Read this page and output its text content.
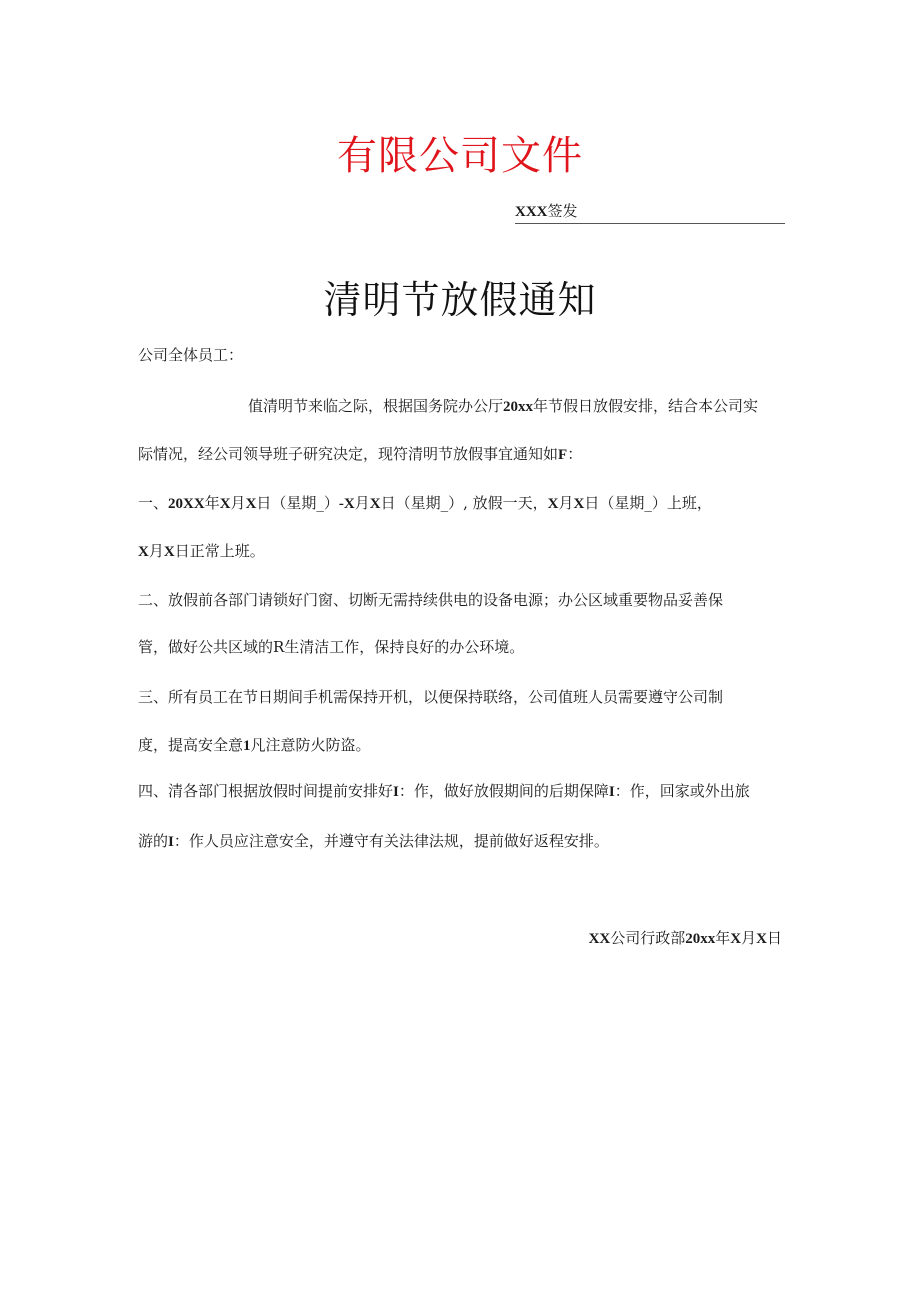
有限公司文件
XXX签发
清明节放假通知
公司全体员工：
值清明节来临之际，根据国务院办公厅20xx年节假日放假安排，结合本公司实
际情况，经公司领导班子研究决定，现符清明节放假事宜通知如F：
一、20XX年X月X日（星期_）-X月X日（星期_）, 放假一天，X月X日（星期_）上班，
X月X日正常上班。
二、放假前各部门请锁好门窗、切断无需持续供电的设备电源；办公区域重要物品妥善保
管，做好公共区域的R生清洁工作，保持良好的办公环境。
三、所有员工在节日期间手机需保持开机，以便保持联络，公司值班人员需要遵守公司制
度，提高安全意1凡注意防火防盗。
四、清各部门根据放假时间提前安排好I：作，做好放假期间的后期保障I：作，回家或外出旅
游的I：作人员应注意安全，并遵守有关法律法规，提前做好返程安排。
XX公司行政部20xx年X月X日
